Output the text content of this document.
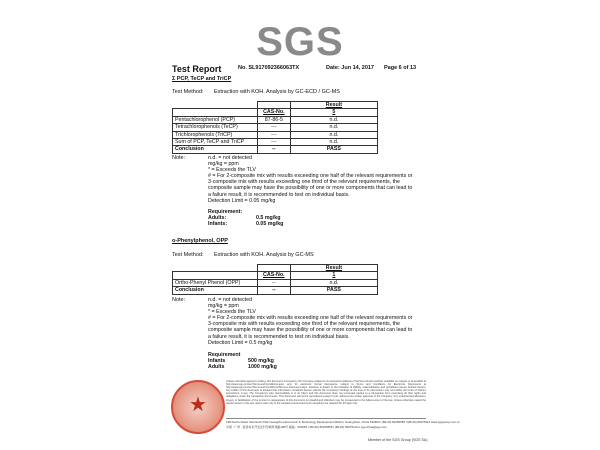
SGS
Test Report	No. SL917092366063TX	Date: Jun 14, 2017 Page 6 of 13
Σ PCP, TeCP and TriCP
Test Method: Extraction with KOH. Analysis by GC-ECD / GC-MS
		Result
	CAS-No.	5
Pentachlorophenol (PCP)	87-86-5	n.d.
Tetrachlorophenols (TeCP)	---	n.d.
Trichlorophenols (TriCP)	---	n.d.
Sum of PCP, TeCP and TriCP	---	n.d.
Conclusion	--	PASS
Note:	n.d. = not detected
mg/kg = ppm
* = Exceeds the TLV
# = For 2-composite mix with results exceeding one half of the relevant requirements or 3-composite mix with results exceeding one third of the relevant requirements, the composite sample may have the possibility of one or more components that can lead to a failure result, it is recommended to test on individual basis.
Detection Limit = 0.05 mg/kg
Requirement:
Adults:	0.5 mg/kg
Infants:	0.05 mg/kg
o-Phenylphenol, OPP
Test Method: Extraction with KOH. Analysis by GC-MS
		Result
	CAS-No.	1
Ortho-Phenyl Phenol (OPP)	--	n.d.
Conclusion	--	PASS
Note:	n.d. = not detected
mg/kg = ppm
* = Exceeds the TLV
# = For 2-composite mix with results exceeding one half of the relevant requirements or 3-composite mix with results exceeding one third of the relevant requirements, the composite sample may have the possibility of one or more components that can lead to a failure result, it is recommended to test on individual basis.
Detection Limit = 0.5 mg/kg
Requirement
Infants	500 mg/kg
Adults	1000 mg/kg
★
Unless otherwise agreed in writing, this document is issued by the Company subject to its General Conditions of Service printed overleaf, available on request or accessible at http://www.sgs.com/en/Terms-and-Conditions.aspx and, for electronic format documents, subject to Terms and Conditions for Electronic Documents at http://www.sgs.com/en/Terms-and-Conditions/Terms-e-Document.aspx. Attention is drawn to the limitation of liability, indemnification and jurisdiction issues defined therein. Any holder of this document is advised that information contained hereon reflects the Company's findings at the time of its intervention only and within the limits of Client's instructions, if any. The Company's sole responsibility is to its Client and this document does not exonerate parties to a transaction from exercising all their rights and obligations under the transaction documents. This document cannot be reproduced except in full, without prior written approval of the Company. Any unauthorized alteration, forgery or falsification of the content or appearance of this document is unlawful and offenders may be prosecuted to the fullest extent of the law. Unless otherwise stated the results shown in this test report refer only to the sample(s) tested and such sample(s) are retained for 30 days only.
198 Kezhu Road, Scientech Park Guangzhou Economic & Technology Development District, Guangzhou, China 510663 t (86-20) 82155555 f (86-20) 82075113 www.sgsgroup.com.cn
中国 · 广州 · 经济技术开发区科学城科珠路198号 邮编：510663 t (86-20) 82155555 f (86-20) 82075113 e sgs.china@sgs.com
Member of the SGS Group (SGS SA)
